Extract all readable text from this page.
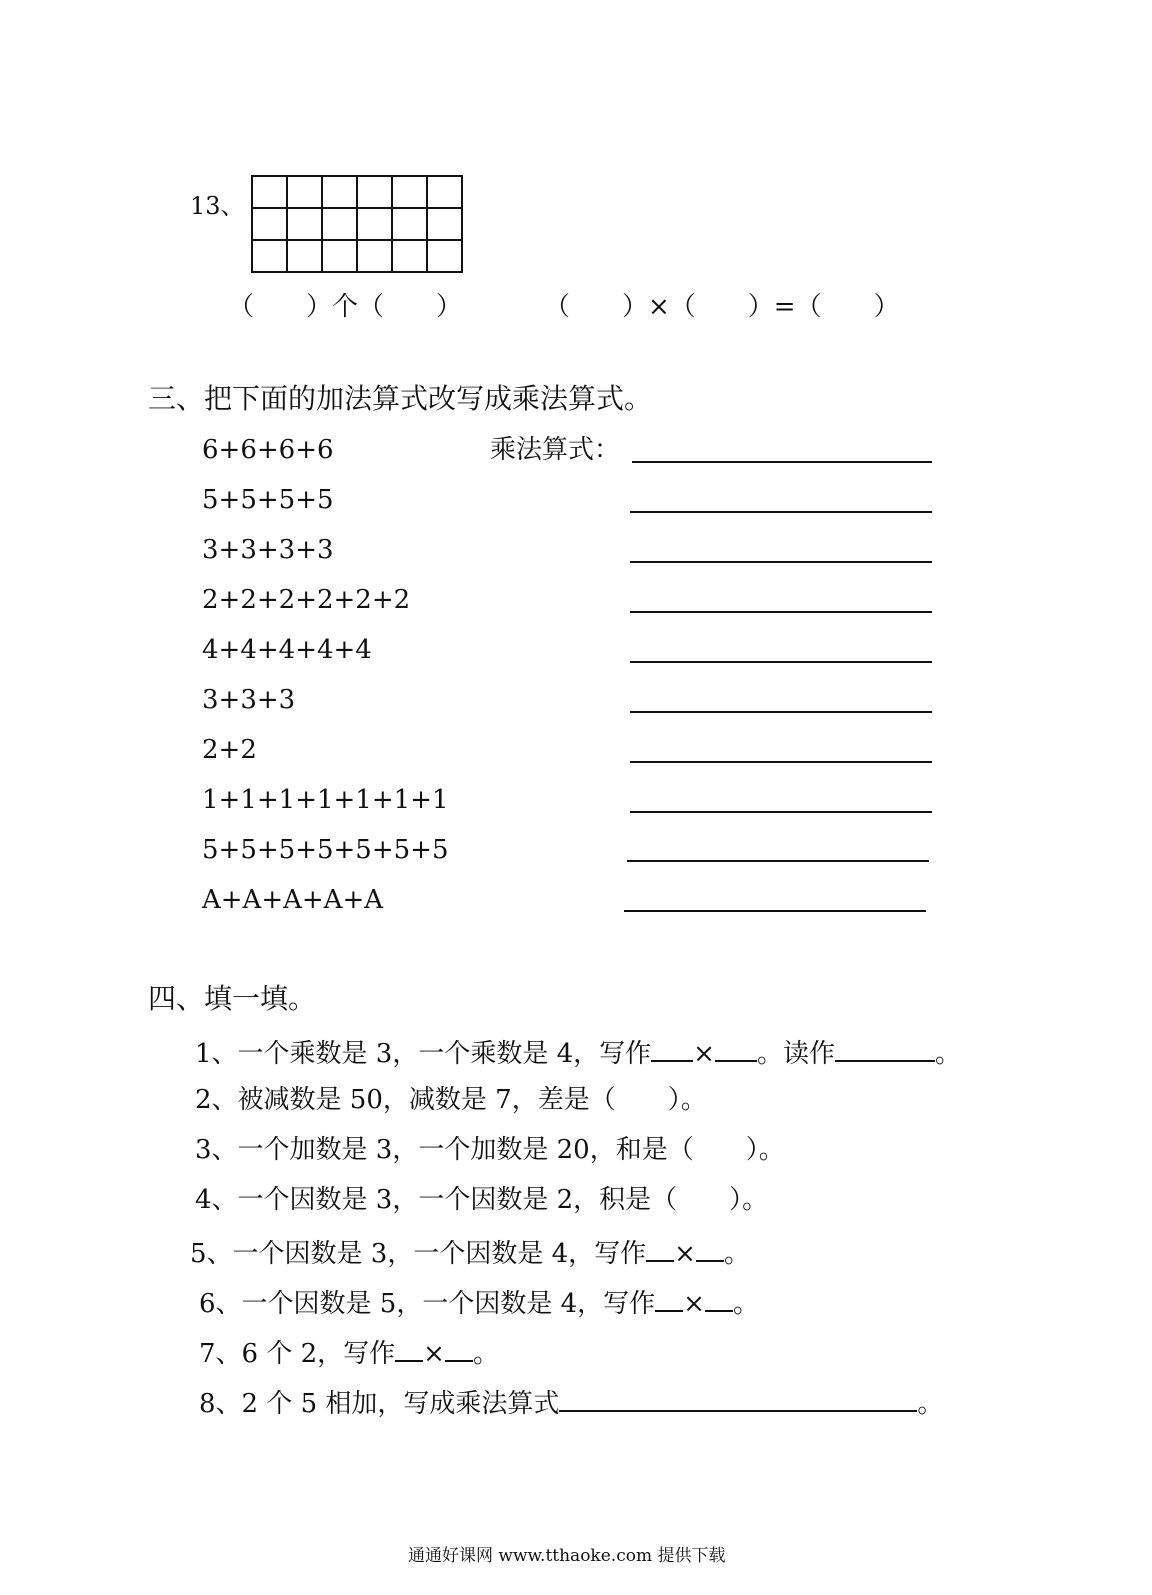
13、

（　　）个（　　）	（　　）×（　　）=（　　）
三、把下面的加法算式改写成乘法算式。
乘法算式：
6+6+6+6
5+5+5+5
3+3+3+3
2+2+2+2+2+2
4+4+4+4+4
3+3+3
2+2
1+1+1+1+1+1+1
5+5+5+5+5+5+5
A+A+A+A+A
四、填一填。
1、一个乘数是 3，一个乘数是 4，写作 × 。读作	。
2、被减数是 50，减数是 7，差是（　　）。
3、一个加数是 3，一个加数是 20，和是（　　）。
4、一个因数是 3，一个因数是 2，积是（　　）。
5、一个因数是 3，一个因数是 4，写作 × 。
6、一个因数是 5，一个因数是 4，写作 × 。
7、6 个 2，写作 × 。
8、2 个 5 相加，写成乘法算式	。
通通好课网 www.tthaoke.com 提供下载
